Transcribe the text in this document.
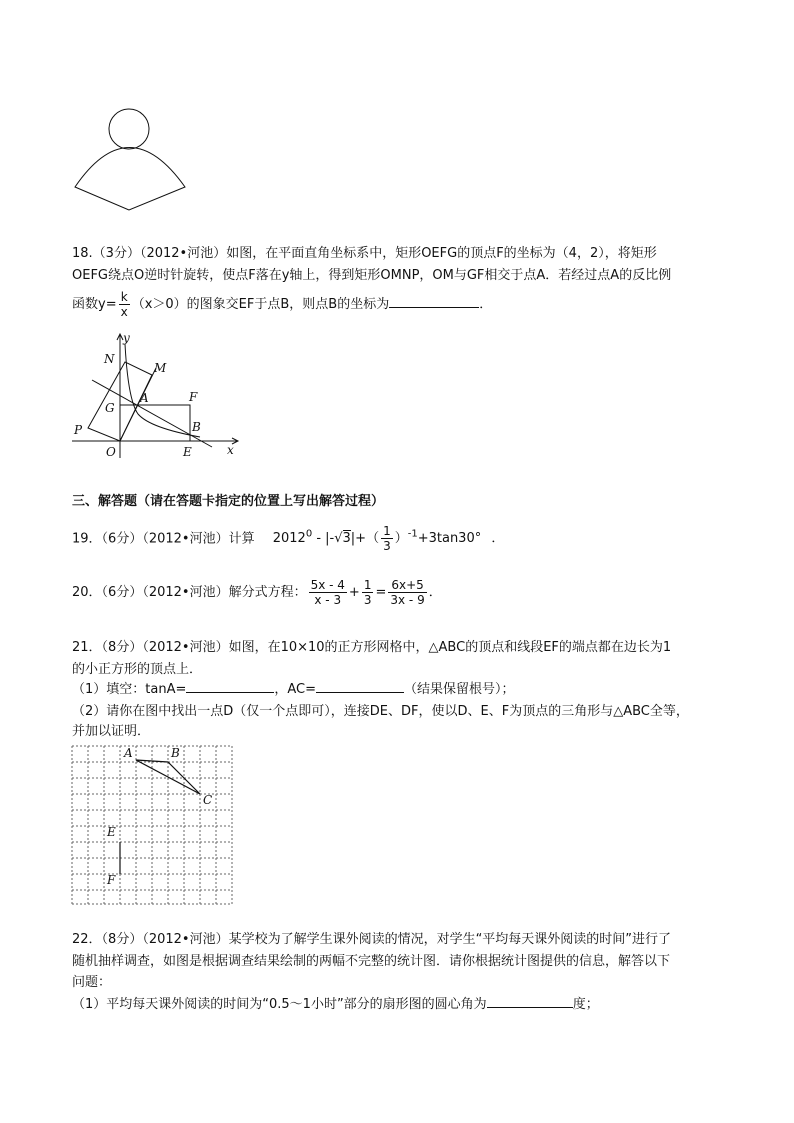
18.（3分）（2012•河池）如图，在平面直角坐标系中，矩形OEFG的顶点F的坐标为（4，2），将矩形
OEFG绕点O逆时针旋转，使点F落在y轴上，得到矩形OMNP，OM与GF相交于点A．若经过点A的反比例
函数$y= \frac{k}{x} (x>0)$的图象交EF于点B，则点B的坐标为	．
y
x
N
M
F
G
A
B
P
O	E
三、解答题（请在答题卡指定的位置上写出解答过程）
19．（6分）（2012•河池）计算 $2012^0 - |-√3|+( \frac{1}{3} )^{-1}+3\tan 30^\circ$ ．
20．（6分）（2012•河池）解分式方程： $\frac{5x - 4}{x - 3} + \frac{1}{3} = \frac{6x+5}{3x - 9}$ ．
21．（8分）（2012•河池）如图，在10×10的正方形网格中，△ABC的顶点和线段EF的端点都在边长为1
的小正方形的顶点上．
（1）填空：tanA=	，AC=	（结果保留根号）；
（2）请你在图中找出一点D（仅一个点即可），连接DE、DF，使以D、E、F为顶点的三角形与△ABC全等，
并加以证明．
A	B
C
E
F
22．（8分）（2012•河池）某学校为了解学生课外阅读的情况，对学生“平均每天课外阅读的时间”进行了
随机抽样调查，如图是根据调查结果绘制的两幅不完整的统计图．请你根据统计图提供的信息，解答以下
问题：
（1）平均每天课外阅读的时间为“0.5～1小时”部分的扇形图的圆心角为	度；
